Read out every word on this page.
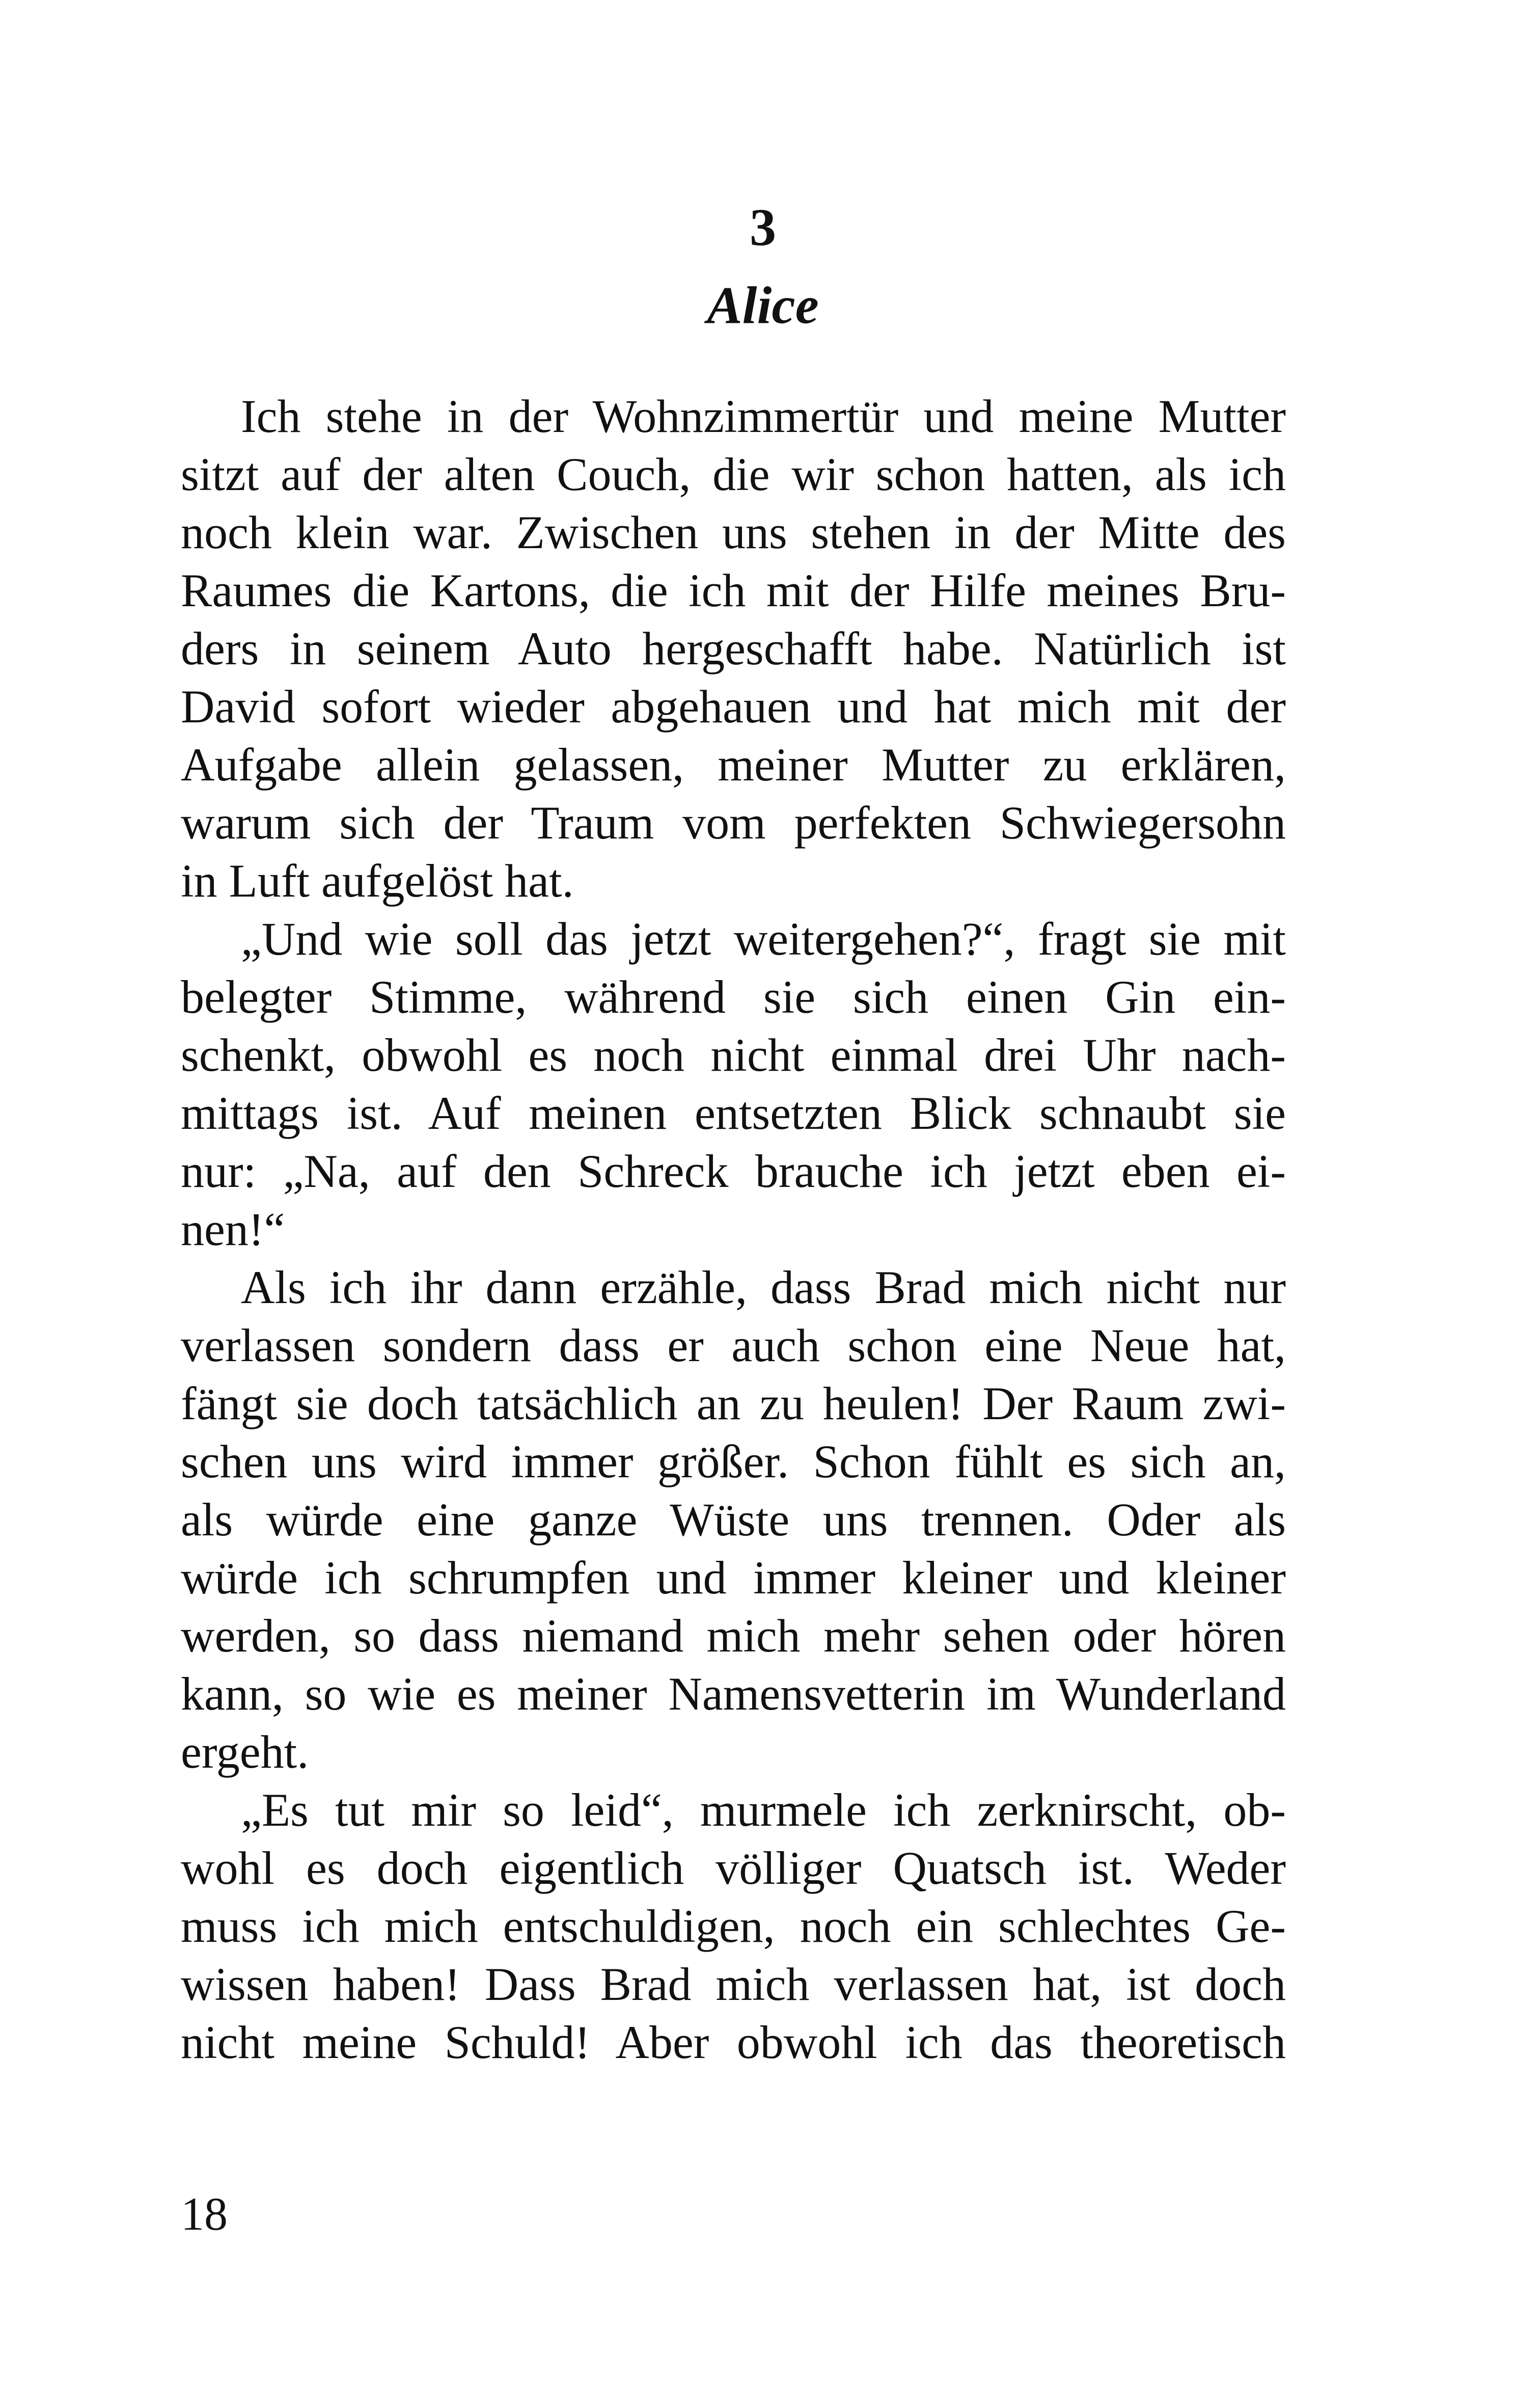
3
Alice
Ich stehe in der Wohnzimmertür und meine Mutter
sitzt auf der alten Couch, die wir schon hatten, als ich
noch klein war. Zwischen uns stehen in der Mitte des
Raumes die Kartons, die ich mit der Hilfe meines Bru-
ders in seinem Auto hergeschafft habe. Natürlich ist
David sofort wieder abgehauen und hat mich mit der
Aufgabe allein gelassen, meiner Mutter zu erklären,
warum sich der Traum vom perfekten Schwiegersohn
in Luft aufgelöst hat.
„Und wie soll das jetzt weitergehen?“, fragt sie mit
belegter Stimme, während sie sich einen Gin ein-
schenkt, obwohl es noch nicht einmal drei Uhr nach-
mittags ist. Auf meinen entsetzten Blick schnaubt sie
nur: „Na, auf den Schreck brauche ich jetzt eben ei-
nen!“
Als ich ihr dann erzähle, dass Brad mich nicht nur
verlassen sondern dass er auch schon eine Neue hat,
fängt sie doch tatsächlich an zu heulen! Der Raum zwi-
schen uns wird immer größer. Schon fühlt es sich an,
als würde eine ganze Wüste uns trennen. Oder als
würde ich schrumpfen und immer kleiner und kleiner
werden, so dass niemand mich mehr sehen oder hören
kann, so wie es meiner Namensvetterin im Wunderland
ergeht.
„Es tut mir so leid“, murmele ich zerknirscht, ob-
wohl es doch eigentlich völliger Quatsch ist. Weder
muss ich mich entschuldigen, noch ein schlechtes Ge-
wissen haben! Dass Brad mich verlassen hat, ist doch
nicht meine Schuld! Aber obwohl ich das theoretisch
18
